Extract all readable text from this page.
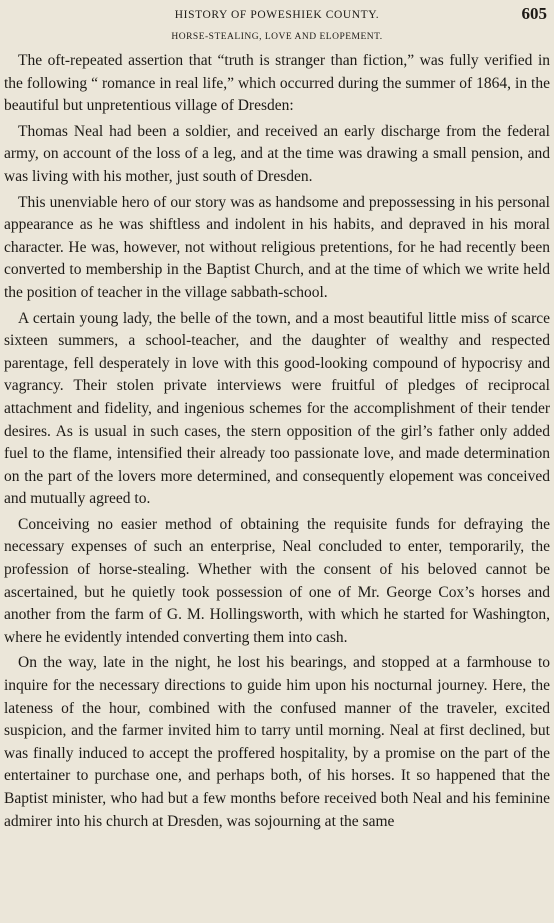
HISTORY OF POWESHIEK COUNTY.	605
HORSE-STEALING, LOVE AND ELOPEMENT.

The oft-repeated assertion that “truth is stranger than fiction,” was fully verified in the following “ romance in real life,” which occurred during the summer of 1864, in the beautiful but unpretentious village of Dresden:

Thomas Neal had been a soldier, and received an early discharge from the federal army, on account of the loss of a leg, and at the time was drawing a small pension, and was living with his mother, just south of Dresden.

This unenviable hero of our story was as handsome and prepossessing in his personal appearance as he was shiftless and indolent in his habits, and depraved in his moral character. He was, however, not without religious pretentions, for he had recently been converted to membership in the Baptist Church, and at the time of which we write held the position of teacher in the village sabbath-school.

A certain young lady, the belle of the town, and a most beautiful little miss of scarce sixteen summers, a school-teacher, and the daughter of wealthy and respected parentage, fell desperately in love with this good-looking compound of hypocrisy and vagrancy. Their stolen private interviews were fruitful of pledges of reciprocal attachment and fidelity, and ingenious schemes for the accomplishment of their tender desires. As is usual in such cases, the stern opposition of the girl’s father only added fuel to the flame, intensified their already too passionate love, and made determination on the part of the lovers more determined, and consequently elopement was conceived and mutually agreed to.

Conceiving no easier method of obtaining the requisite funds for defraying the necessary expenses of such an enterprise, Neal concluded to enter, temporarily, the profession of horse-stealing. Whether with the consent of his beloved cannot be ascertained, but he quietly took possession of one of Mr. George Cox’s horses and another from the farm of G. M. Hollingsworth, with which he started for Washington, where he evidently intended converting them into cash.

On the way, late in the night, he lost his bearings, and stopped at a farmhouse to inquire for the necessary directions to guide him upon his nocturnal journey. Here, the lateness of the hour, combined with the confused manner of the traveler, excited suspicion, and the farmer invited him to tarry until morning. Neal at first declined, but was finally induced to accept the proffered hospitality, by a promise on the part of the entertainer to purchase one, and perhaps both, of his horses. It so happened that the Baptist minister, who had but a few months before received both Neal and his feminine admirer into his church at Dresden, was sojourning at the same
